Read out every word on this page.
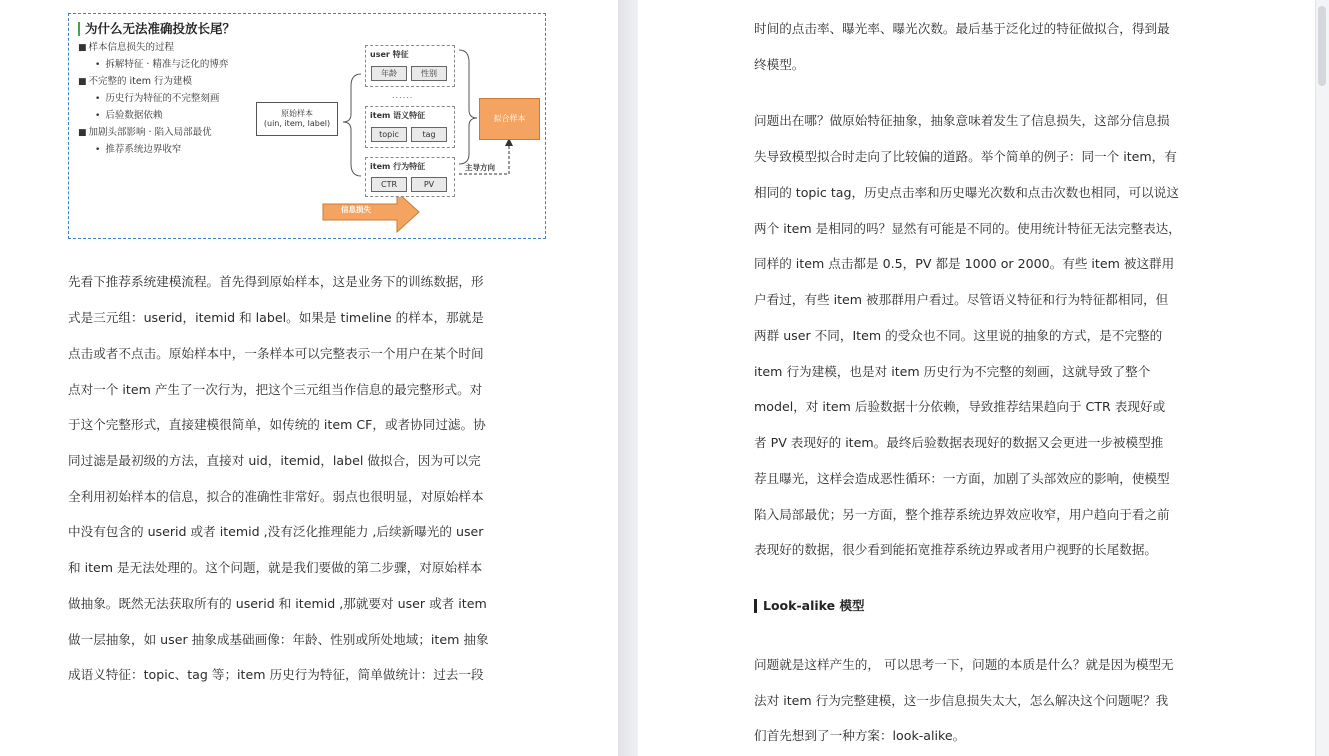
为什么无法准确投放长尾？
■ 样本信息损失的过程
• 拆解特征 · 精准与泛化的博弈
■ 不完整的 item 行为建模
• 历史行为特征的不完整刻画
• 后验数据依赖
■ 加剧头部影响 · 陷入局部最优
• 推荐系统边界收窄
原始样本
(uin, item, label)
user 特征
年龄	性别
......
item 语义特征
topic	tag
item 行为特征
CTR	PV
拟合样本
主导方向
信息损失
先看下推荐系统建模流程。首先得到原始样本，这是业务下的训练数据，形
式是三元组：userid，itemid 和 label。如果是 timeline 的样本，那就是
点击或者不点击。原始样本中，一条样本可以完整表示一个用户在某个时间
点对一个 item 产生了一次行为，把这个三元组当作信息的最完整形式。对
于这个完整形式，直接建模很简单，如传统的 item CF，或者协同过滤。协
同过滤是最初级的方法，直接对 uid，itemid，label 做拟合，因为可以完
全利用初始样本的信息，拟合的准确性非常好。弱点也很明显，对原始样本
中没有包含的 userid 或者 itemid ,没有泛化推理能力 ,后续新曝光的 user
和 item 是无法处理的。这个问题，就是我们要做的第二步骤，对原始样本
做抽象。既然无法获取所有的 userid 和 itemid ,那就要对 user 或者 item
做一层抽象，如 user 抽象成基础画像：年龄、性别或所处地域；item 抽象
成语义特征：topic、tag 等；item 历史行为特征，简单做统计：过去一段
时间的点击率、曝光率、曝光次数。最后基于泛化过的特征做拟合，得到最
终模型。
问题出在哪？做原始特征抽象，抽象意味着发生了信息损失，这部分信息损
失导致模型拟合时走向了比较偏的道路。举个简单的例子：同一个 item，有
相同的 topic tag，历史点击率和历史曝光次数和点击次数也相同，可以说这
两个 item 是相同的吗？显然有可能是不同的。使用统计特征无法完整表达，
同样的 item 点击都是 0.5，PV 都是 1000 or 2000。有些 item 被这群用
户看过，有些 item 被那群用户看过。尽管语义特征和行为特征都相同，但
两群 user 不同，Item 的受众也不同。这里说的抽象的方式，是不完整的
item 行为建模，也是对 item 历史行为不完整的刻画，这就导致了整个
model，对 item 后验数据十分依赖，导致推荐结果趋向于 CTR 表现好或
者 PV 表现好的 item。最终后验数据表现好的数据又会更进一步被模型推
荐且曝光，这样会造成恶性循环：一方面，加剧了头部效应的影响，使模型
陷入局部最优；另一方面，整个推荐系统边界效应收窄，用户趋向于看之前
表现好的数据，很少看到能拓宽推荐系统边界或者用户视野的长尾数据。
Look-alike 模型
问题就是这样产生的， 可以思考一下，问题的本质是什么？就是因为模型无
法对 item 行为完整建模，这一步信息损失太大，怎么解决这个问题呢？我
们首先想到了一种方案：look-alike。
